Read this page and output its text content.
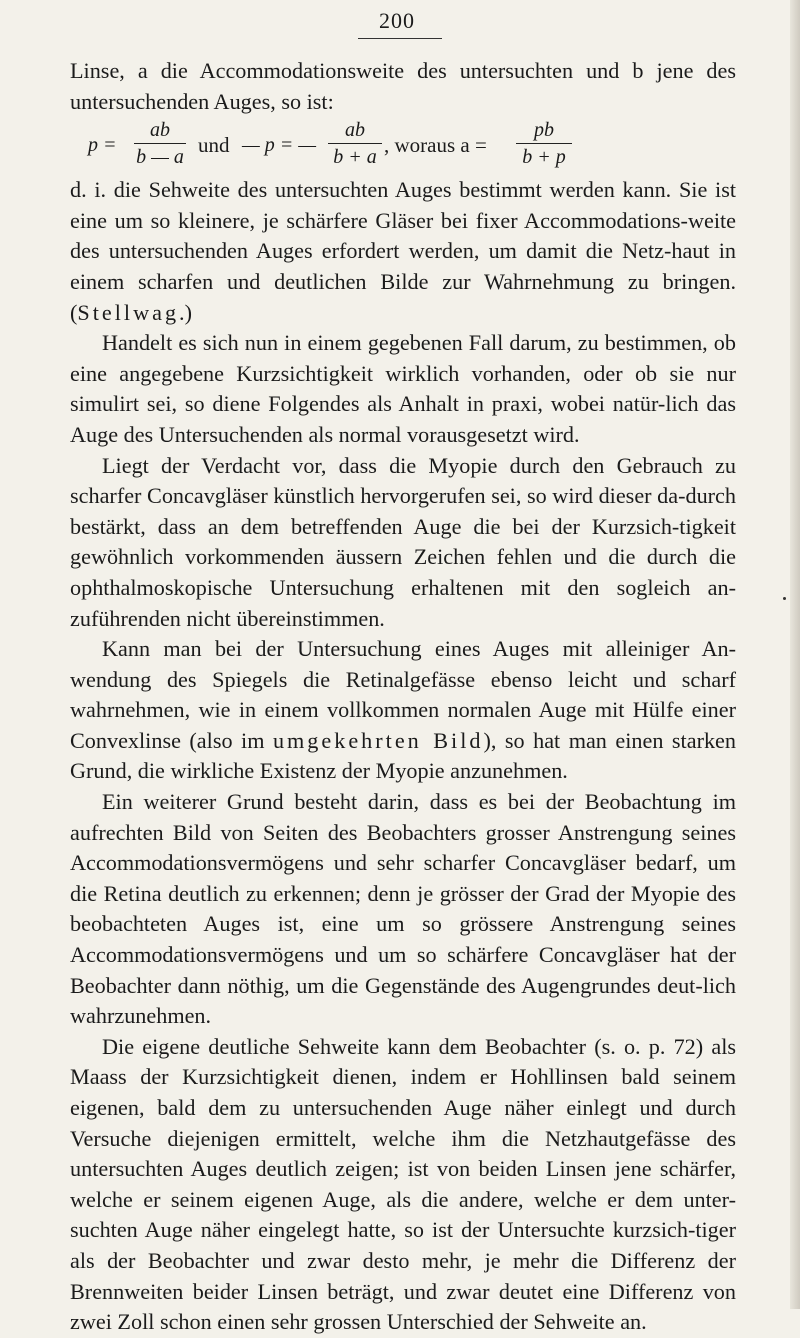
200

Linse, a die Accommodationsweite des untersuchten und b jene des untersuchenden Auges, so ist:

p =
ab
b — a und — p = —
ab
b + a , woraus a =
pb
b + p

d. i. die Sehweite des untersuchten Auges bestimmt werden kann. Sie ist eine um so kleinere, je schärfere Gläser bei fixer Accommodations-weite des untersuchenden Auges erfordert werden, um damit die Netz-haut in einem scharfen und deutlichen Bilde zur Wahrnehmung zu bringen. (Stellwag.)

Handelt es sich nun in einem gegebenen Fall darum, zu bestimmen, ob eine angegebene Kurzsichtigkeit wirklich vorhanden, oder ob sie nur simulirt sei, so diene Folgendes als Anhalt in praxi, wobei natür-lich das Auge des Untersuchenden als normal vorausgesetzt wird.

Liegt der Verdacht vor, dass die Myopie durch den Gebrauch zu scharfer Concavgläser künstlich hervorgerufen sei, so wird dieser da-durch bestärkt, dass an dem betreffenden Auge die bei der Kurzsich-tigkeit gewöhnlich vorkommenden äussern Zeichen fehlen und die durch die ophthalmoskopische Untersuchung erhaltenen mit den sogleich an-zuführenden nicht übereinstimmen.

Kann man bei der Untersuchung eines Auges mit alleiniger An-wendung des Spiegels die Retinalgefässe ebenso leicht und scharf wahrnehmen, wie in einem vollkommen normalen Auge mit Hülfe einer Convexlinse (also im umgekehrten Bild), so hat man einen starken Grund, die wirkliche Existenz der Myopie anzunehmen.

Ein weiterer Grund besteht darin, dass es bei der Beobachtung im aufrechten Bild von Seiten des Beobachters grosser Anstrengung seines Accommodationsvermögens und sehr scharfer Concavgläser bedarf, um die Retina deutlich zu erkennen; denn je grösser der Grad der Myopie des beobachteten Auges ist, eine um so grössere Anstrengung seines Accommodationsvermögens und um so schärfere Concavgläser hat der Beobachter dann nöthig, um die Gegenstände des Augengrundes deut-lich wahrzunehmen.

Die eigene deutliche Sehweite kann dem Beobachter (s. o. p. 72) als Maass der Kurzsichtigkeit dienen, indem er Hohllinsen bald seinem eigenen, bald dem zu untersuchenden Auge näher einlegt und durch Versuche diejenigen ermittelt, welche ihm die Netzhautgefässe des untersuchten Auges deutlich zeigen; ist von beiden Linsen jene schärfer, welche er seinem eigenen Auge, als die andere, welche er dem unter-suchten Auge näher eingelegt hatte, so ist der Untersuchte kurzsich-tiger als der Beobachter und zwar desto mehr, je mehr die Differenz der Brennweiten beider Linsen beträgt, und zwar deutet eine Differenz von zwei Zoll schon einen sehr grossen Unterschied der Sehweite an.
